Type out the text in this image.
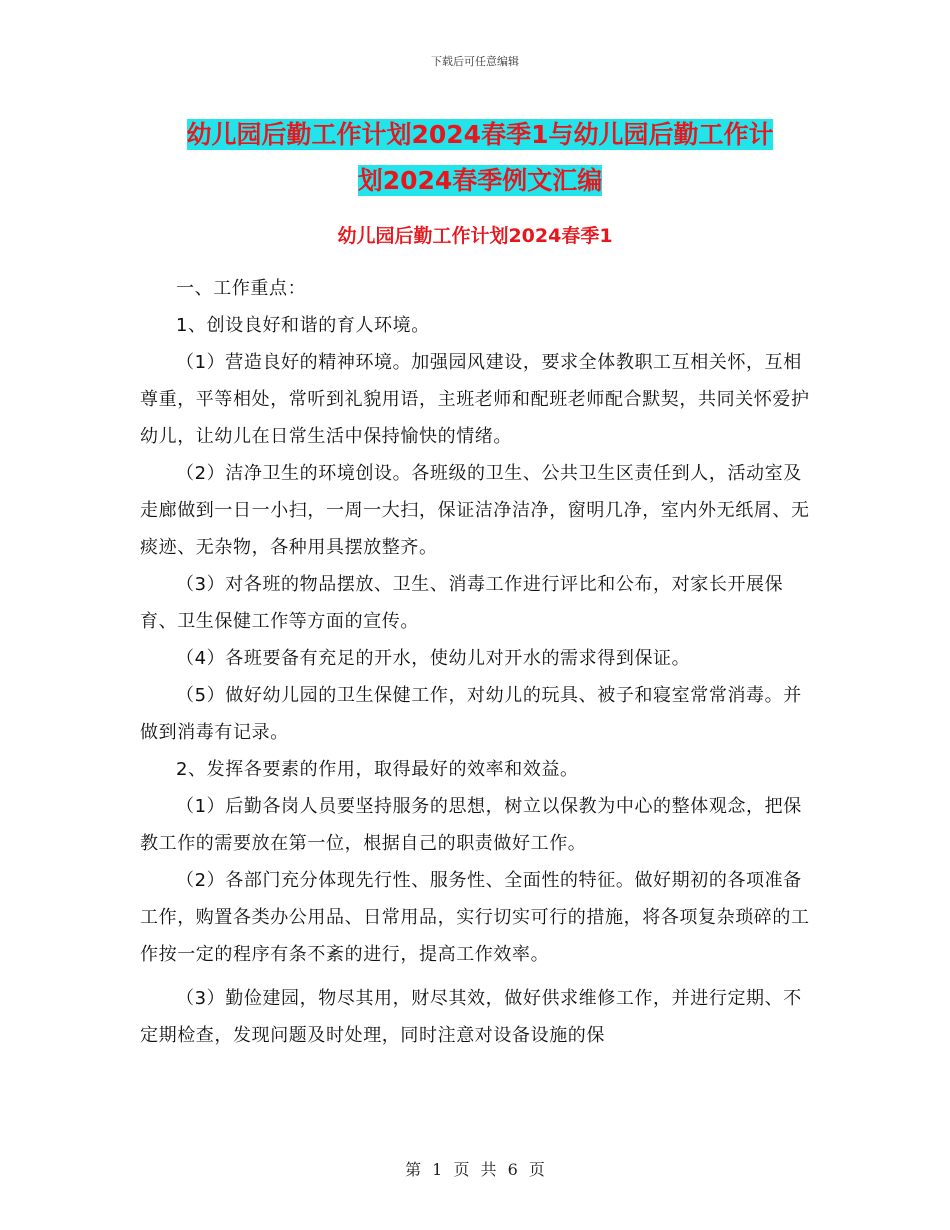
下载后可任意编辑
幼儿园后勤工作计划2024春季1与幼儿园后勤工作计
划2024春季例文汇编
幼儿园后勤工作计划2024春季1

一、工作重点：

1、创设良好和谐的育人环境。

（1）营造良好的精神环境。加强园风建设，要求全体教职工互相关怀，互相尊重，平等相处，常听到礼貌用语，主班老师和配班老师配合默契，共同关怀爱护幼儿，让幼儿在日常生活中保持愉快的情绪。

（2）洁净卫生的环境创设。各班级的卫生、公共卫生区责任到人，活动室及走廊做到一日一小扫，一周一大扫，保证洁净洁净，窗明几净，室内外无纸屑、无痰迹、无杂物，各种用具摆放整齐。

（3）对各班的物品摆放、卫生、消毒工作进行评比和公布，对家长开展保育、卫生保健工作等方面的宣传。

（4）各班要备有充足的开水，使幼儿对开水的需求得到保证。

（5）做好幼儿园的卫生保健工作，对幼儿的玩具、被子和寝室常常消毒。并做到消毒有记录。

2、发挥各要素的作用，取得最好的效率和效益。

（1）后勤各岗人员要坚持服务的思想，树立以保教为中心的整体观念，把保教工作的需要放在第一位，根据自己的职责做好工作。

（2）各部门充分体现先行性、服务性、全面性的特征。做好期初的各项准备工作，购置各类办公用品、日常用品，实行切实可行的措施，将各项复杂琐碎的工作按一定的程序有条不紊的进行，提高工作效率。

（3）勤俭建园，物尽其用，财尽其效，做好供求维修工作，并进行定期、不定期检查，发现问题及时处理，同时注意对设备设施的保

第 1 页 共 6 页
